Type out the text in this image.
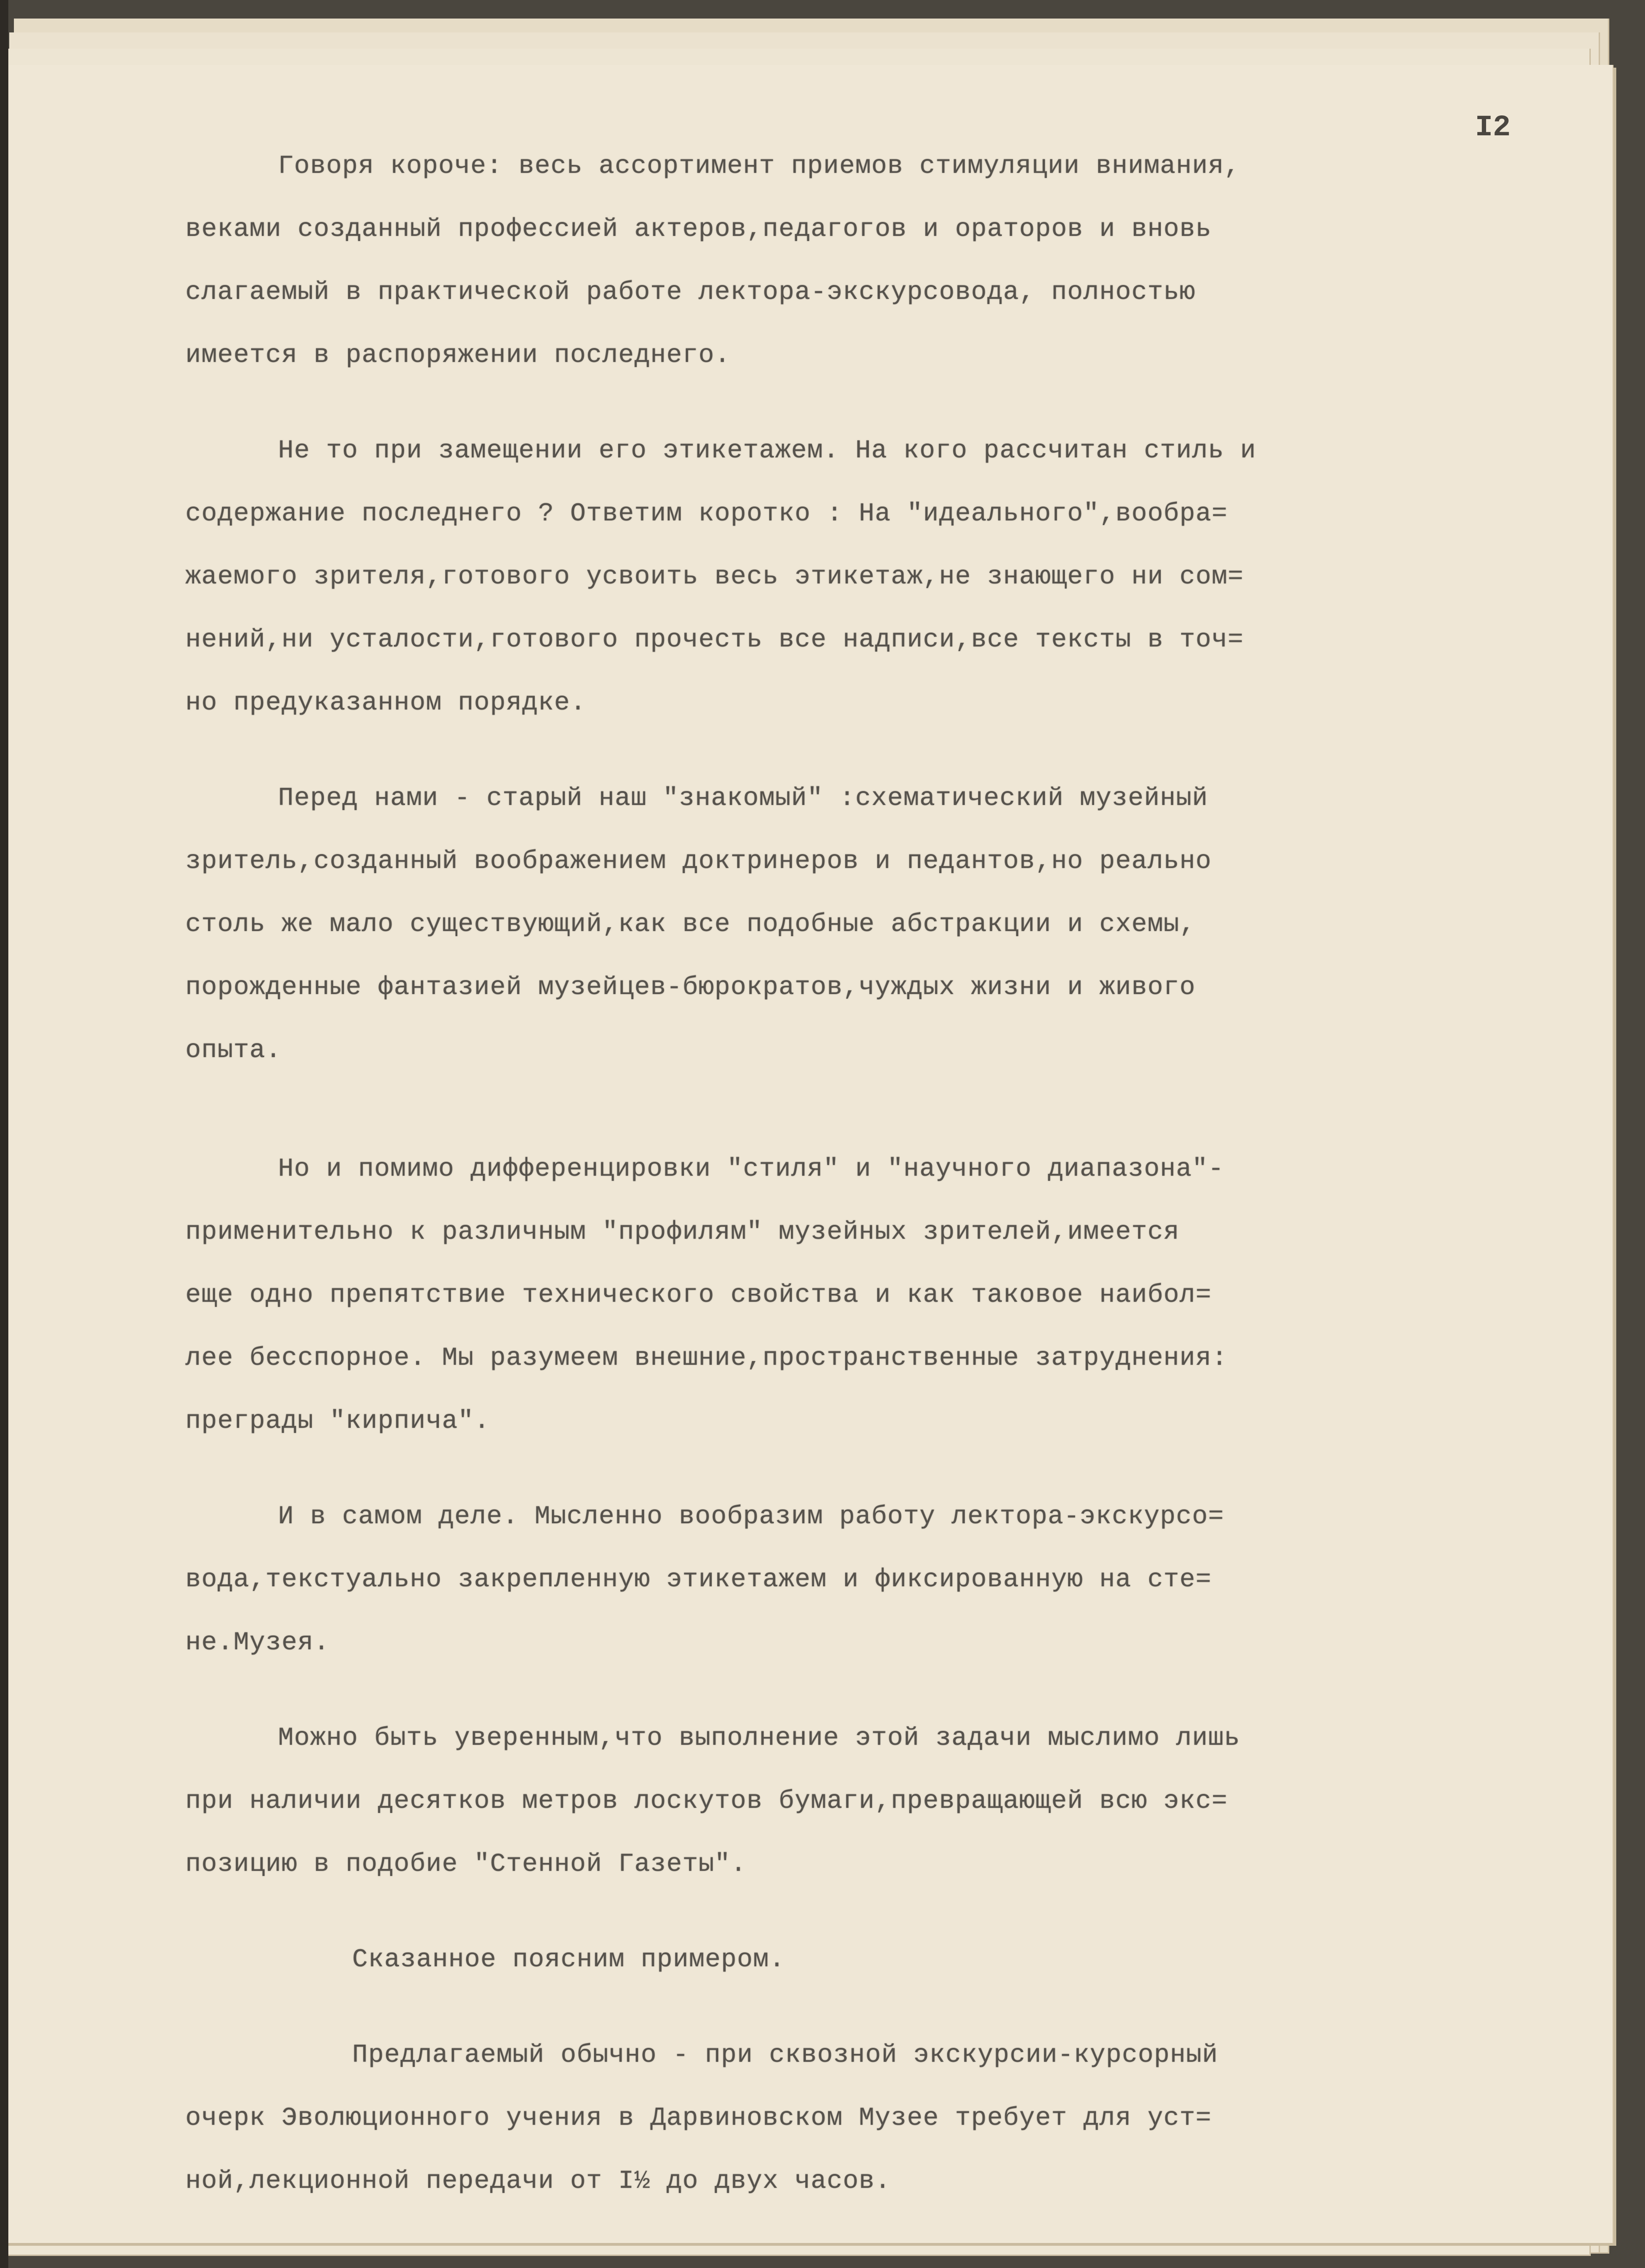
I2
Говоря короче: весь ассортимент приемов стимуляции внимания,
веками созданный профессией актеров,педагогов и ораторов и вновь
слагаемый в практической работе лектора-экскурсовода, полностью
имеется в распоряжении последнего.
Не то при замещении его этикетажем. На кого рассчитан стиль и
содержание последнего ? Ответим коротко : На "идеального",вообра=
жаемого зрителя,готового усвоить весь этикетаж,не знающего ни сом=
нений,ни усталости,готового прочесть все надписи,все тексты в точ=
но предуказанном порядке.
Перед нами - старый наш "знакомый" :схематический музейный
зритель,созданный воображением доктринеров и педантов,но реально
столь же мало существующий,как все подобные абстракции и схемы,
порожденные фантазией музейцев-бюрократов,чуждых жизни и живого
опыта.
Но и помимо дифференцировки "стиля" и "научного диапазона"-
применительно к различным "профилям" музейных зрителей,имеется
еще одно препятствие технического свойства и как таковое наибол=
лее бесспорное. Мы разумеем внешние,пространственные затруднения:
преграды "кирпича".
И в самом деле. Мысленно вообразим работу лектора-экскурсо=
вода,текстуально закрепленную этикетажем и фиксированную на сте=
не.Музея.
Можно быть уверенным,что выполнение этой задачи мыслимо лишь
при наличии десятков метров лоскутов бумаги,превращающей всю экс=
позицию в подобие "Стенной Газеты".
Сказанное поясним примером.
Предлагаемый обычно - при сквозной экскурсии-курсорный
очерк Эволюционного учения в Дарвиновском Музее требует для уст=
ной,лекционной передачи от I½ до двух часов.
